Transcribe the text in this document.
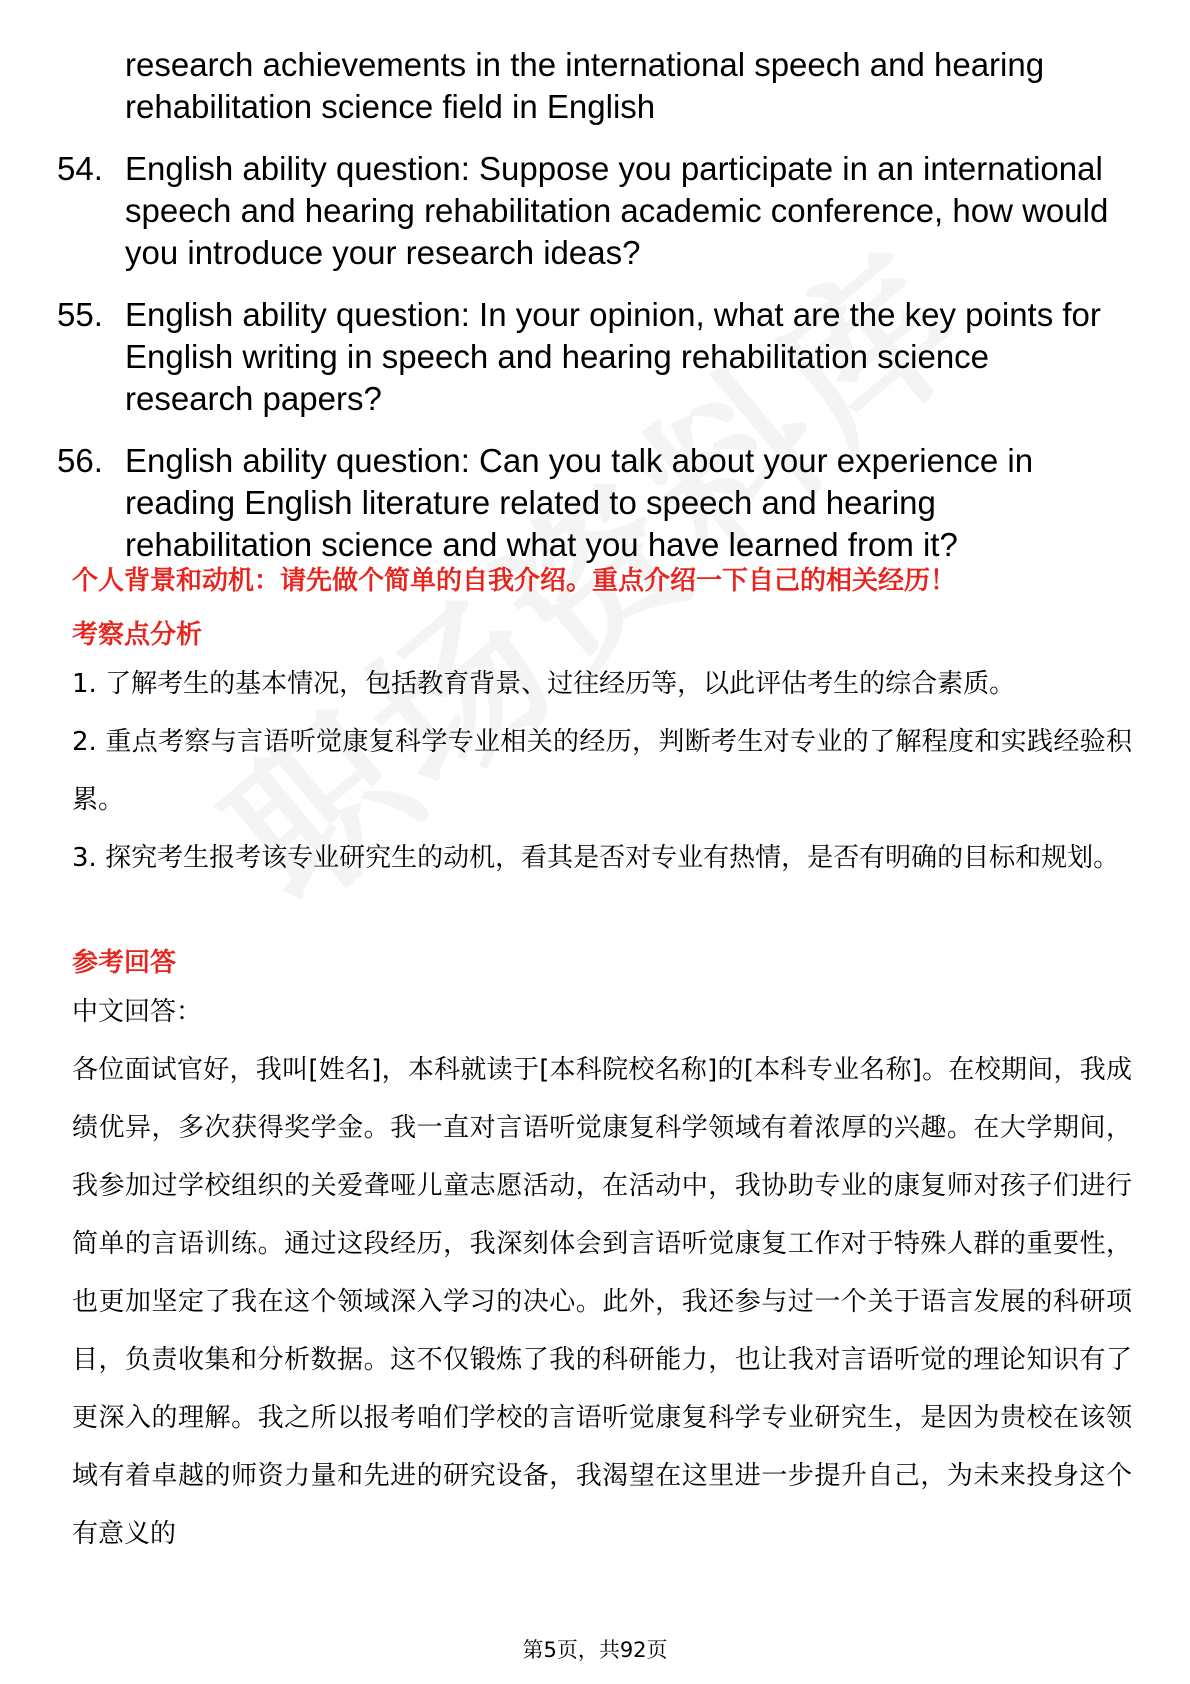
research achievements in the international speech and hearing rehabilitation science field in English
54. English ability question: Suppose you participate in an international speech and hearing rehabilitation academic conference, how would you introduce your research ideas?
55. English ability question: In your opinion, what are the key points for English writing in speech and hearing rehabilitation science research papers?
56. English ability question: Can you talk about your experience in reading English literature related to speech and hearing rehabilitation science and what you have learned from it?
个人背景和动机：请先做个简单的自我介绍。重点介绍一下自己的相关经历！
考察点分析
1. 了解考生的基本情况，包括教育背景、过往经历等，以此评估考生的综合素质。
2. 重点考察与言语听觉康复科学专业相关的经历，判断考生对专业的了解程度和实践经验积累。
3. 探究考生报考该专业研究生的动机，看其是否对专业有热情，是否有明确的目标和规划。
参考回答
中文回答：
各位面试官好，我叫[姓名]，本科就读于[本科院校名称]的[本科专业名称]。在校期间，我成绩优异，多次获得奖学金。我一直对言语听觉康复科学领域有着浓厚的兴趣。在大学期间，我参加过学校组织的关爱聋哑儿童志愿活动，在活动中，我协助专业的康复师对孩子们进行简单的言语训练。通过这段经历，我深刻体会到言语听觉康复工作对于特殊人群的重要性，也更加坚定了我在这个领域深入学习的决心。此外，我还参与过一个关于语言发展的科研项目，负责收集和分析数据。这不仅锻炼了我的科研能力，也让我对言语听觉的理论知识有了更深入的理解。我之所以报考咱们学校的言语听觉康复科学专业研究生，是因为贵校在该领域有着卓越的师资力量和先进的研究设备，我渴望在这里进一步提升自己，为未来投身这个有意义的
第5页，共92页
